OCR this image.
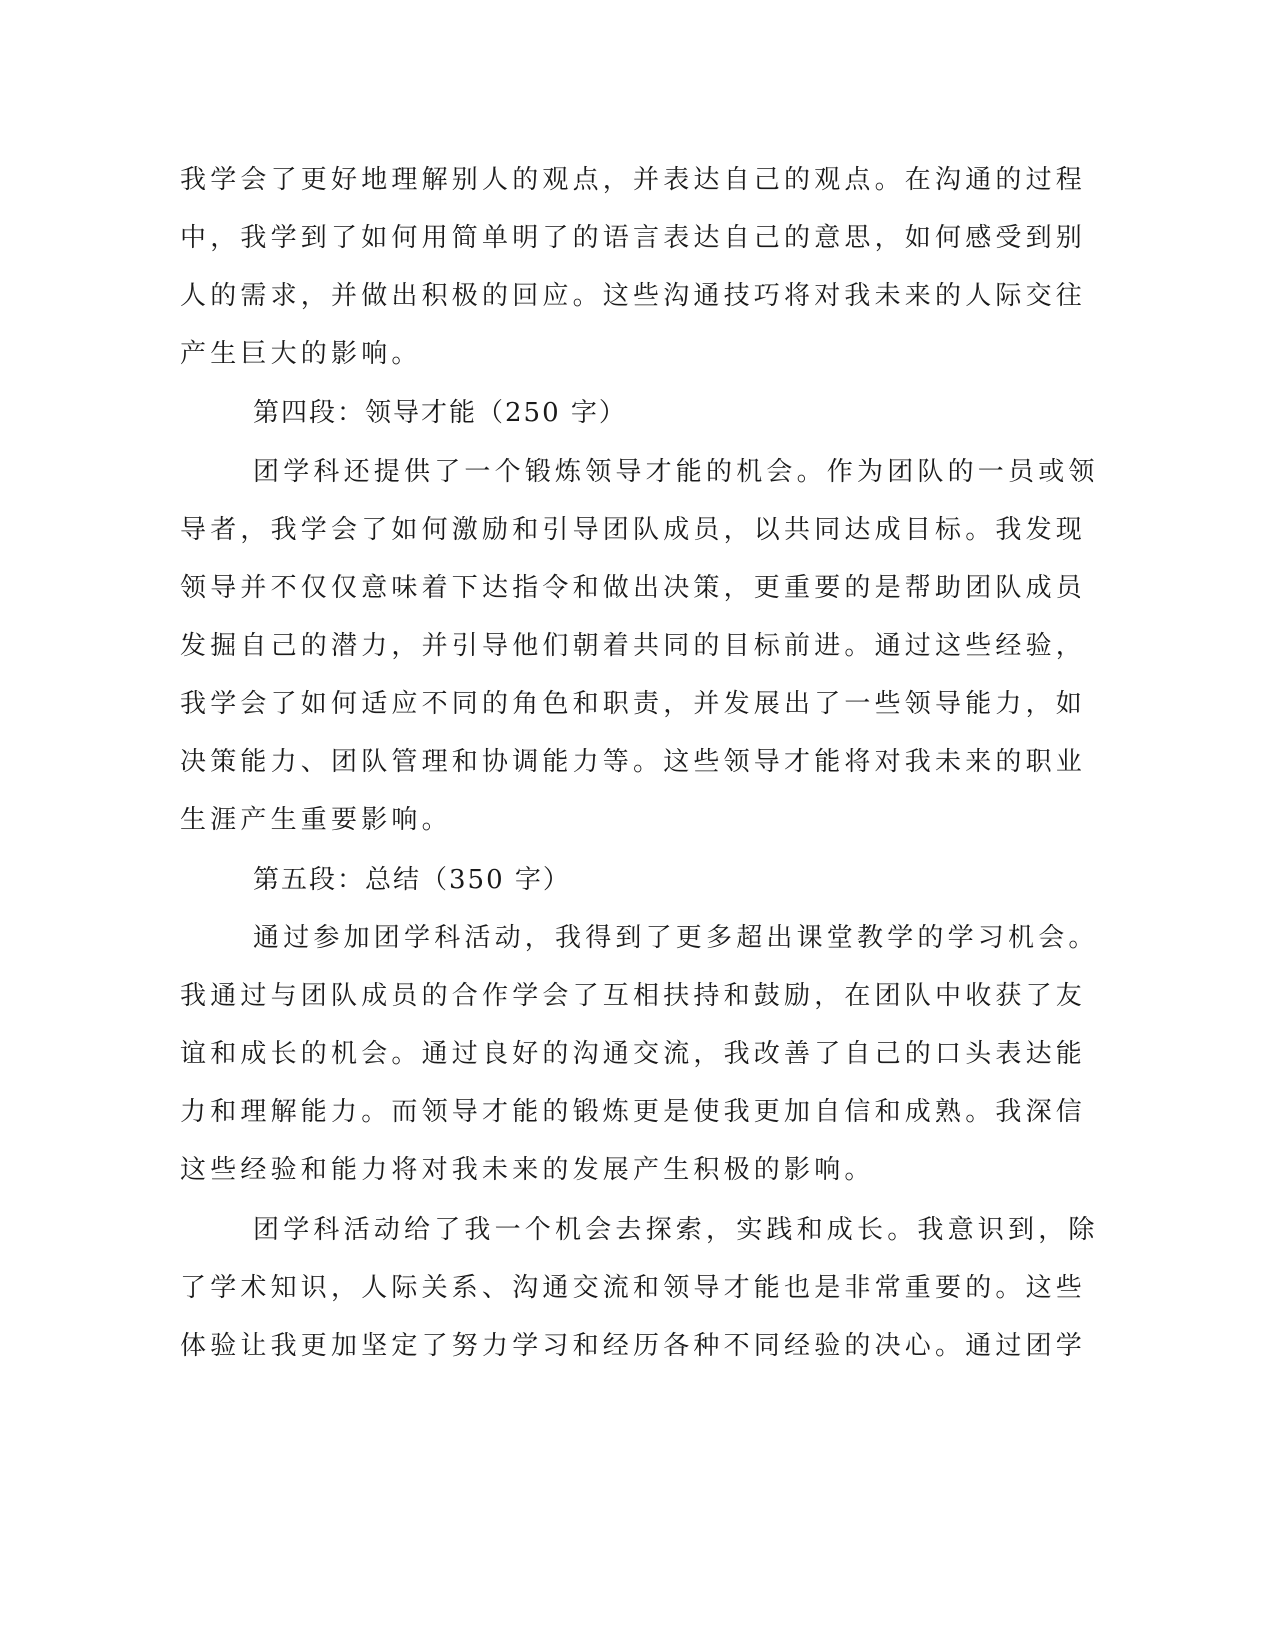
我学会了更好地理解别人的观点，并表达自己的观点。在沟通的过程
中，我学到了如何用简单明了的语言表达自己的意思，如何感受到别
人的需求，并做出积极的回应。这些沟通技巧将对我未来的人际交往
产生巨大的影响。
第四段：领导才能（250 字）
团学科还提供了一个锻炼领导才能的机会。作为团队的一员或领
导者，我学会了如何激励和引导团队成员，以共同达成目标。我发现
领导并不仅仅意味着下达指令和做出决策，更重要的是帮助团队成员
发掘自己的潜力，并引导他们朝着共同的目标前进。通过这些经验，
我学会了如何适应不同的角色和职责，并发展出了一些领导能力，如
决策能力、团队管理和协调能力等。这些领导才能将对我未来的职业
生涯产生重要影响。
第五段：总结（350 字）
通过参加团学科活动，我得到了更多超出课堂教学的学习机会。
我通过与团队成员的合作学会了互相扶持和鼓励，在团队中收获了友
谊和成长的机会。通过良好的沟通交流，我改善了自己的口头表达能
力和理解能力。而领导才能的锻炼更是使我更加自信和成熟。我深信
这些经验和能力将对我未来的发展产生积极的影响。
团学科活动给了我一个机会去探索，实践和成长。我意识到，除
了学术知识，人际关系、沟通交流和领导才能也是非常重要的。这些
体验让我更加坚定了努力学习和经历各种不同经验的决心。通过团学
